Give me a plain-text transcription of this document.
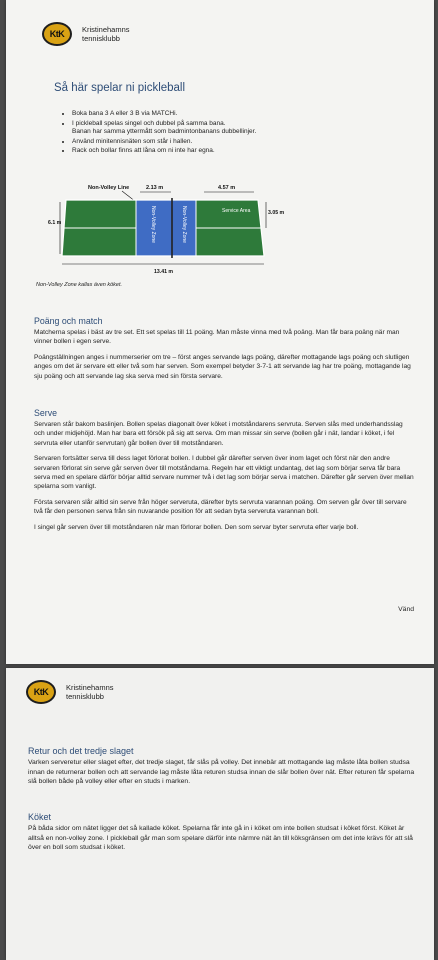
KtK	Kristinehamns
tennisklubb
Så här spelar ni pickleball
• Boka bana 3 A eller 3 B via MATCHi.
• I pickleball spelas singel och dubbel på samma bana.
Banan har samma yttermått som badmintonbanans dubbellinjer.
• Använd minitennisnäten som står i hallen.
• Rack och bollar finns att låna om ni inte har egna.
Non-Volley Line	2.13 m	4.57 m
Non-Volley Zone	Non-Volley Zone	Service Area
6.1 m
3.05 m
13.41 m
Non-Volley Zone kallas även köket.
Poäng och match

Matcherna spelas i bäst av tre set. Ett set spelas till 11 poäng. Man måste vinna med två poäng. Man får bara poäng när man vinner bollen i egen serve.

Poängställningen anges i nummerserier om tre – först anges servande lags poäng, därefter mottagande lags poäng och slutligen anges om det är servare ett eller två som har serven. Som exempel betyder 3-7-1 att servande lag har tre poäng, mottagande lag sju poäng och att servande lag ska serva med sin första servare.

Serve

Servaren står bakom baslinjen. Bollen spelas diagonalt över köket i motståndarens servruta. Serven slås med underhandsslag och under midjehöjd. Man har bara ett försök på sig att serva. Om man missar sin serve (bollen går i nät, landar i köket, i fel servruta eller utanför servrutan) går bollen över till motståndaren.

Servaren fortsätter serva till dess laget förlorat bollen. I dubbel går därefter serven över inom laget och först när den andre servaren förlorat sin serve går serven över till motståndarna. Regeln har ett viktigt undantag, det lag som börjar serva får bara serva med en spelare därför börjar alltid servare nummer två i det lag som börjar serva i matchen. Därefter går serven över mellan spelarna som vanligt.

Första servaren slår alltid sin serve från höger serveruta, därefter byts servruta varannan poäng. Om serven går över till servare två får den personen serva från sin nuvarande position för att sedan byta serveruta varannan boll.

I singel går serven över till motståndaren när man förlorar bollen. Den som servar byter servruta efter varje boll.

Vänd
KtK	Kristinehamns
tennisklubb
Retur och det tredje slaget

Varken serveretur eller slaget efter, det tredje slaget, får slås på volley. Det innebär att mottagande lag måste låta bollen studsa innan de returnerar bollen och att servande lag måste låta returen studsa innan de slår bollen över nät. Efter returen får spelarna slå bollen både på volley eller efter en studs i marken.

Köket

På båda sidor om nätet ligger det så kallade köket. Spelarna får inte gå in i köket om inte bollen studsat i köket först. Köket är alltså en non-volley zone. I pickleball går man som spelare därför inte närmre nät än till köksgränsen om det inte krävs för att slå över en boll som studsat i köket.
